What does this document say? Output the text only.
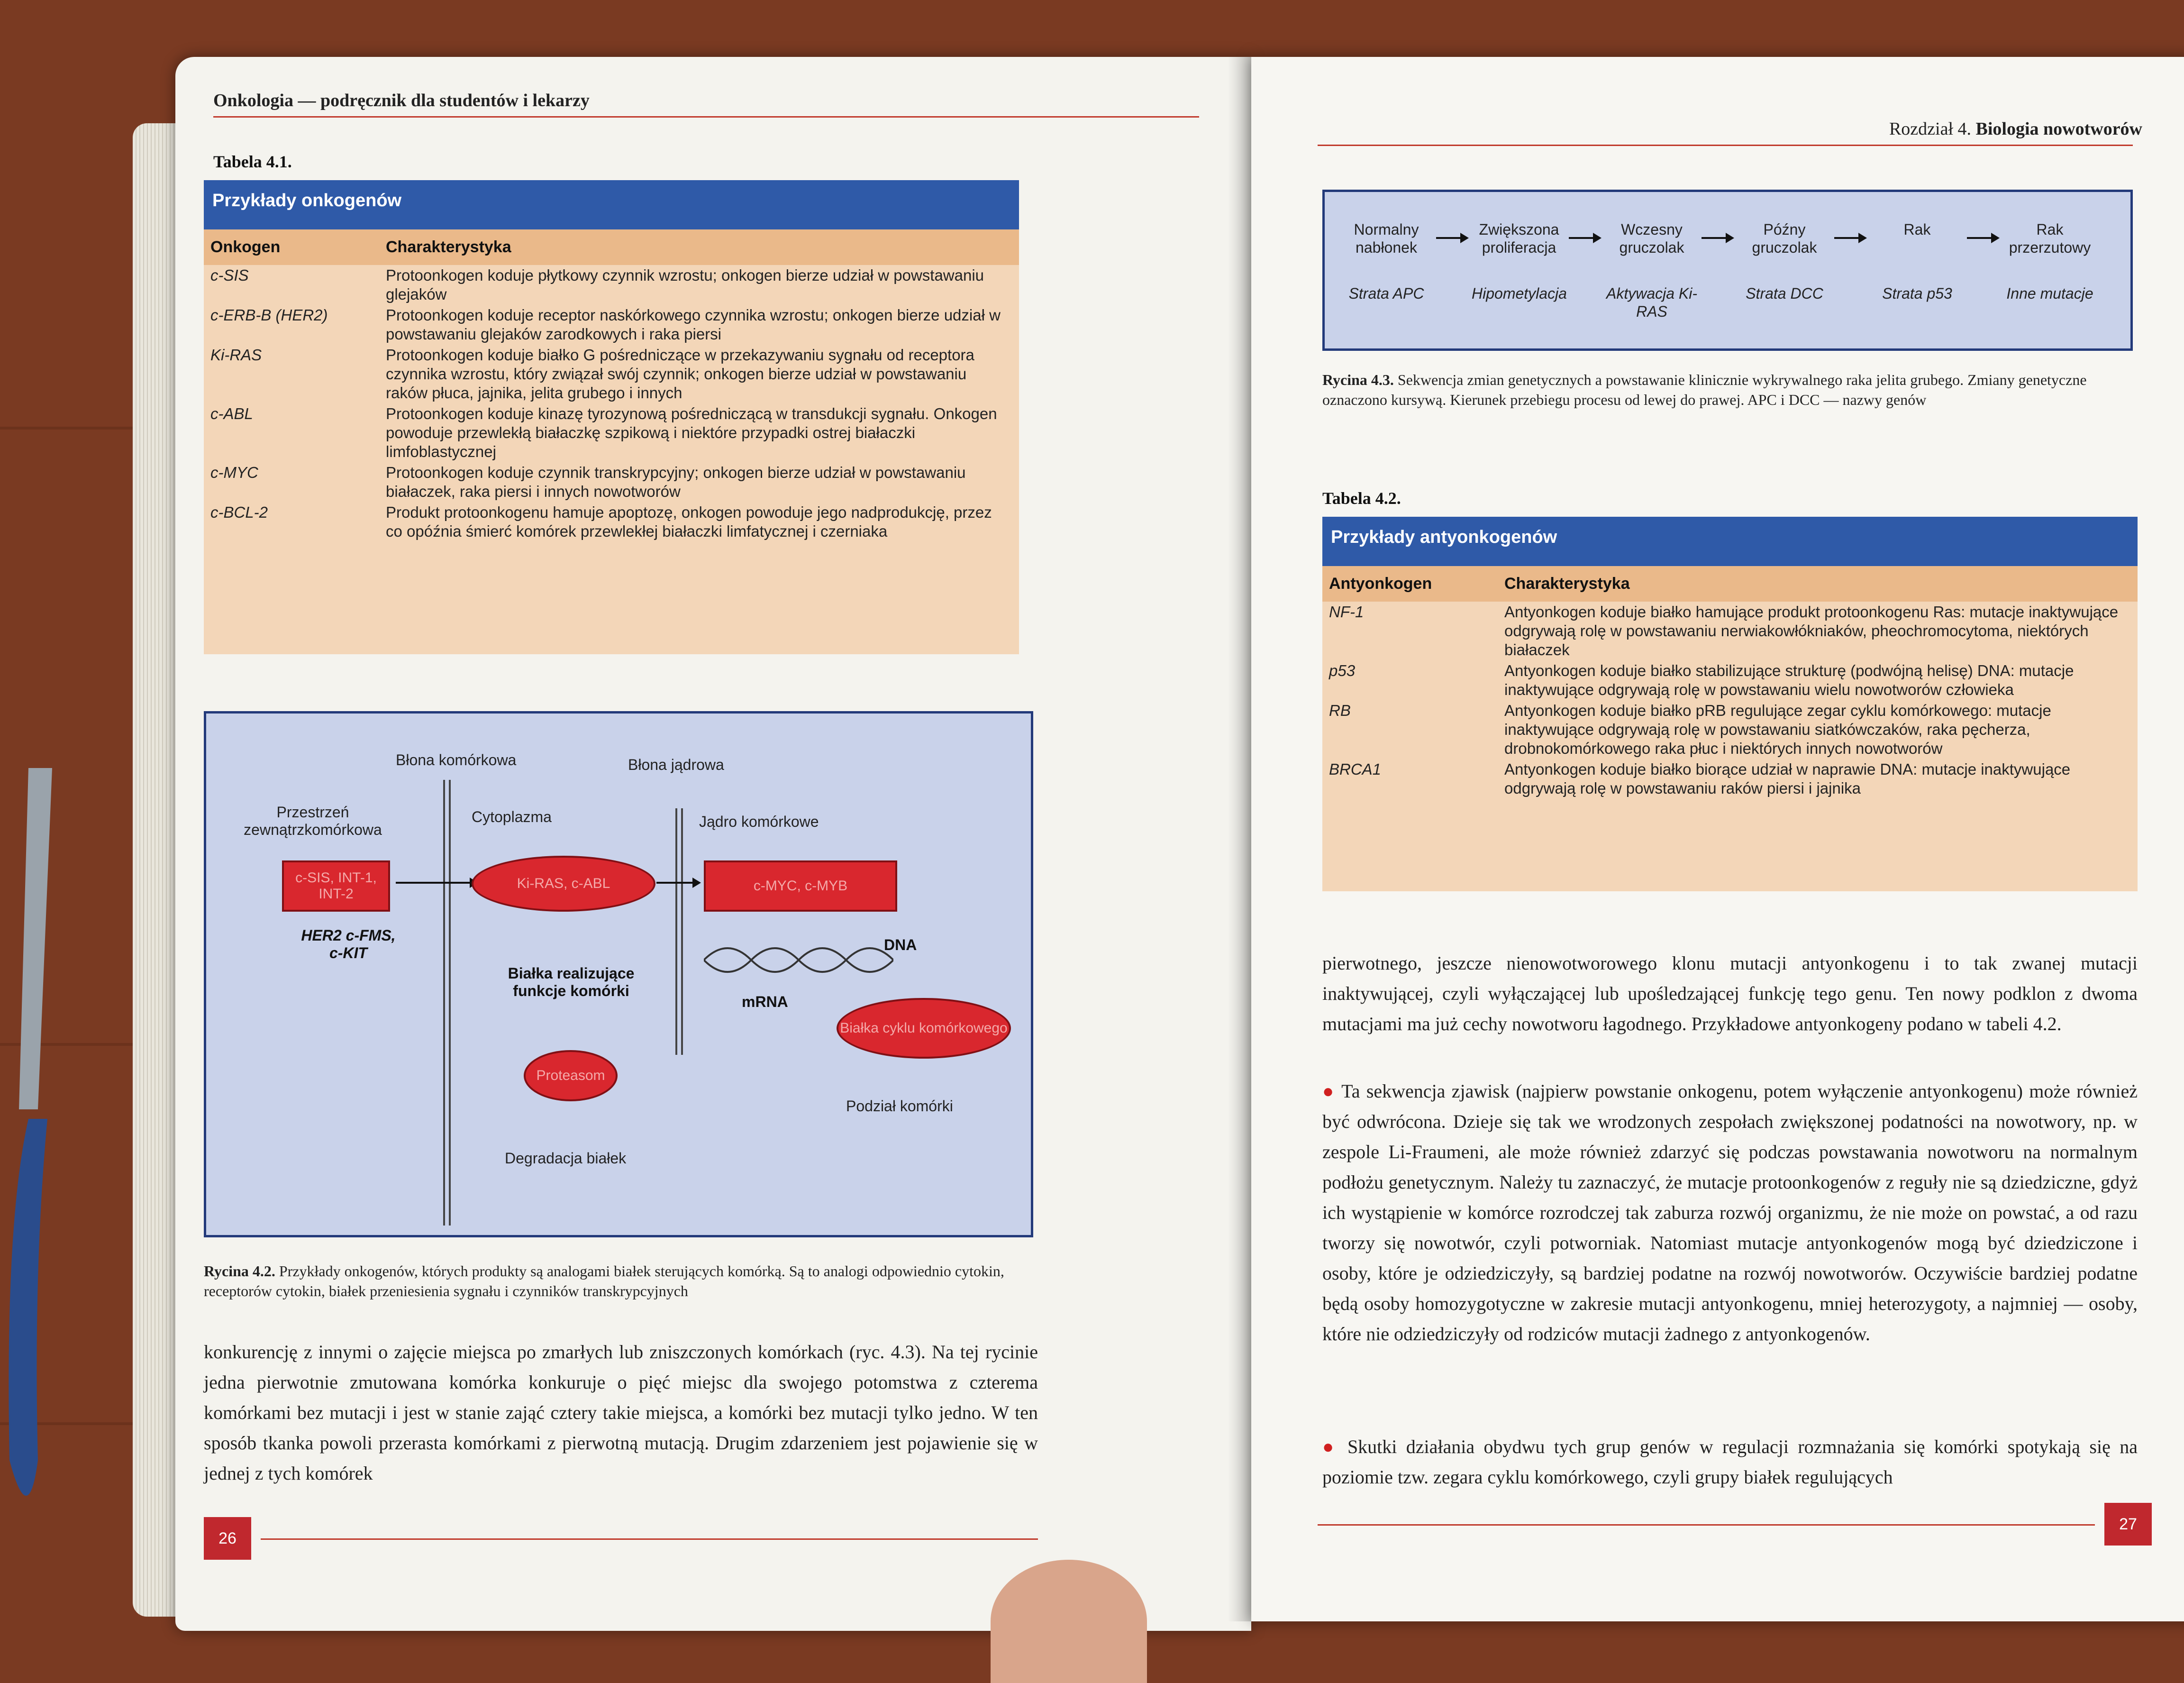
Onkologia — podręcznik dla studentów i lekarzy
Tabela 4.1.
Przykłady onkogenów
Onkogen	Charakterystyka
c-SIS	Protoonkogen koduje płytkowy czynnik wzrostu; onkogen bierze udział w powstawaniu glejaków
c-ERB-B (HER2)	Protoonkogen koduje receptor naskórkowego czynnika wzrostu; onkogen bierze udział w powstawaniu glejaków zarodkowych i raka piersi
Ki-RAS	Protoonkogen koduje białko G pośredniczące w przekazywaniu sygnału od receptora czynnika wzrostu, który związał swój czynnik; onkogen bierze udział w powstawaniu raków płuca, jajnika, jelita grubego i innych
c-ABL	Protoonkogen koduje kinazę tyrozynową pośredniczącą w transdukcji sygnału. Onkogen powoduje przewlekłą białaczkę szpikową i niektóre przypadki ostrej białaczki limfoblastycznej
c-MYC	Protoonkogen koduje czynnik transkrypcyjny; onkogen bierze udział w powstawaniu białaczek, raka piersi i innych nowotworów
c-BCL-2	Produkt protoonkogenu hamuje apoptozę, onkogen powoduje jego nadprodukcję, przez co opóźnia śmierć komórek przewlekłej białaczki limfatycznej i czerniaka
Błona komórkowa	Błona jądrowa
Przestrzeń zewnątrzkomórkowa
Cytoplazma	Jądro komórkowe
c-SIS, INT-1, INT-2
HER2 c-FMS, c-KIT
Ki-RAS, c-ABL	c-MYC, c-MYB
DNA
mRNA
Białka realizujące funkcje komórki
Proteasom
Białka cyklu komórkowego
Podział komórki
Degradacja białek
Rycina 4.2. Przykłady onkogenów, których produkty są analogami białek sterujących komórką. Są to analogi odpowiednio cytokin, receptorów cytokin, białek przeniesienia sygnału i czynników transkrypcyjnych
konkurencję z innymi o zajęcie miejsca po zmarłych lub zniszczonych komórkach (ryc. 4.3). Na tej rycinie jedna pierwotnie zmutowana komórka konkuruje o pięć miejsc dla swojego potomstwa z czterema komórkami bez mutacji i jest w stanie zająć cztery takie miejsca, a komórki bez mutacji tylko jedno. W ten sposób tkanka powoli przerasta komórkami z pierwotną mutacją. Drugim zdarzeniem jest pojawienie się w jednej z tych komórek
26
Rozdział 4. Biologia nowotworów
Normalny nabłonek
Strata APC
Zwiększona proliferacja
Hipometylacja
Wczesny gruczolak
Aktywacja Ki-RAS
Późny gruczolak
Strata DCC
Rak
Strata p53
Rak przerzutowy
Inne mutacje
Rycina 4.3. Sekwencja zmian genetycznych a powstawanie klinicznie wykrywalnego raka jelita grubego. Zmiany genetyczne oznaczono kursywą. Kierunek przebiegu procesu od lewej do prawej. APC i DCC — nazwy genów
Tabela 4.2.
Przykłady antyonkogenów
Antyonkogen	Charakterystyka
NF-1	Antyonkogen koduje białko hamujące produkt protoonkogenu Ras: mutacje inaktywujące odgrywają rolę w powstawaniu nerwiakowłókniaków, pheochromocytoma, niektórych białaczek
p53	Antyonkogen koduje białko stabilizujące strukturę (podwójną helisę) DNA: mutacje inaktywujące odgrywają rolę w powstawaniu wielu nowotworów człowieka
RB	Antyonkogen koduje białko pRB regulujące zegar cyklu komórkowego: mutacje inaktywujące odgrywają rolę w powstawaniu siatkówczaków, raka pęcherza, drobnokomórkowego raka płuc i niektórych innych nowotworów
BRCA1	Antyonkogen koduje białko biorące udział w naprawie DNA: mutacje inaktywujące odgrywają rolę w powstawaniu raków piersi i jajnika
pierwotnego, jeszcze nienowotworowego klonu mutacji antyonkogenu i to tak zwanej mutacji inaktywującej, czyli wyłączającej lub upośledzającej funkcję tego genu. Ten nowy podklon z dwoma mutacjami ma już cechy nowotworu łagodnego. Przykładowe antyonkogeny podano w tabeli 4.2.
● Ta sekwencja zjawisk (najpierw powstanie onkogenu, potem wyłączenie antyonkogenu) może również być odwrócona. Dzieje się tak we wrodzonych zespołach zwiększonej podatności na nowotwory, np. w zespole Li-Fraumeni, ale może również zdarzyć się podczas powstawania nowotworu na normalnym podłożu genetycznym. Należy tu zaznaczyć, że mutacje protoonkogenów z reguły nie są dziedziczne, gdyż ich wystąpienie w komórce rozrodczej tak zaburza rozwój organizmu, że nie może on powstać, a od razu tworzy się nowotwór, czyli potworniak. Natomiast mutacje antyonkogenów mogą być dziedziczone i osoby, które je odziedziczyły, są bardziej podatne na rozwój nowotworów. Oczywiście bardziej podatne będą osoby homozygotyczne w zakresie mutacji antyonkogenu, mniej heterozygoty, a najmniej — osoby, które nie odziedziczyły od rodziców mutacji żadnego z antyonkogenów.
● Skutki działania obydwu tych grup genów w regulacji rozmnażania się komórki spotykają się na poziomie tzw. zegara cyklu komórkowego, czyli grupy białek regulujących
27
